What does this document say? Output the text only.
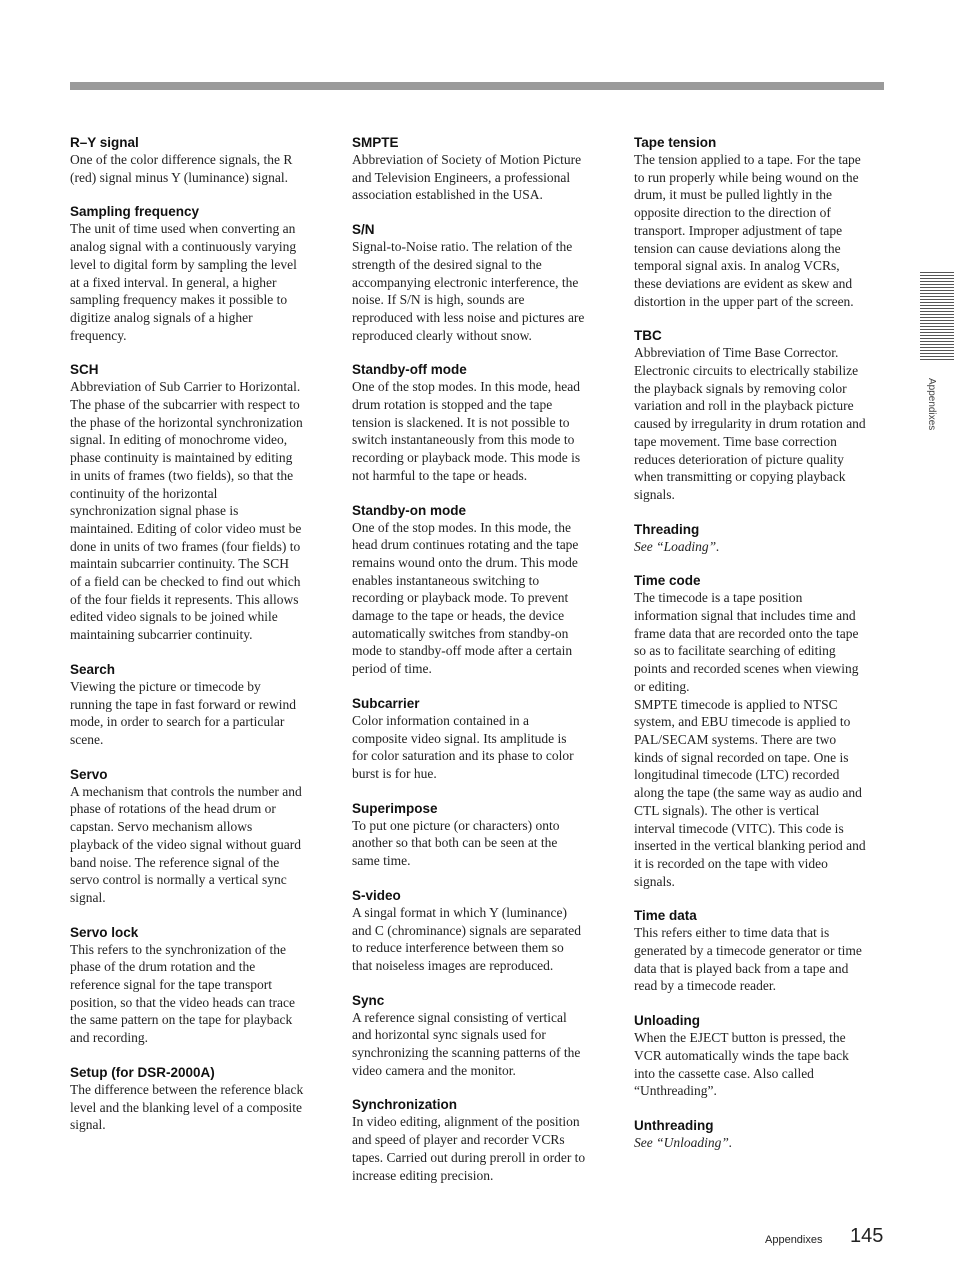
R–Y signal
One of the color difference signals, the R
(red) signal minus Y (luminance) signal.
Sampling frequency
The unit of time used when converting an
analog signal with a continuously varying
level to digital form by sampling the level
at a fixed interval. In general, a higher
sampling frequency makes it possible to
digitize analog signals of a higher
frequency.
SCH
Abbreviation of Sub Carrier to Horizontal.
The phase of the subcarrier with respect to
the phase of the horizontal synchronization
signal. In editing of monochrome video,
phase continuity is maintained by editing
in units of frames (two fields), so that the
continuity of the horizontal
synchronization signal phase is
maintained. Editing of color video must be
done in units of two frames (four fields) to
maintain subcarrier continuity. The SCH
of a field can be checked to find out which
of the four fields it represents. This allows
edited video signals to be joined while
maintaining subcarrier continuity.
Search
Viewing the picture or timecode by
running the tape in fast forward or rewind
mode, in order to search for a particular
scene.
Servo
A mechanism that controls the number and
phase of rotations of the head drum or
capstan. Servo mechanism allows
playback of the video signal without guard
band noise. The reference signal of the
servo control is normally a vertical sync
signal.
Servo lock
This refers to the synchronization of the
phase of the drum rotation and the
reference signal for the tape transport
position, so that the video heads can trace
the same pattern on the tape for playback
and recording.
Setup (for DSR-2000A)
The difference between the reference black
level and the blanking level of a composite
signal.
SMPTE
Abbreviation of Society of Motion Picture
and Television Engineers, a professional
association established in the USA.
S/N
Signal-to-Noise ratio. The relation of the
strength of the desired signal to the
accompanying electronic interference, the
noise. If S/N is high, sounds are
reproduced with less noise and pictures are
reproduced clearly without snow.
Standby-off mode
One of the stop modes. In this mode, head
drum rotation is stopped and the tape
tension is slackened. It is not possible to
switch instantaneously from this mode to
recording or playback mode. This mode is
not harmful to the tape or heads.
Standby-on mode
One of the stop modes. In this mode, the
head drum continues rotating and the tape
remains wound onto the drum. This mode
enables instantaneous switching to
recording or playback mode. To prevent
damage to the tape or heads, the device
automatically switches from standby-on
mode to standby-off mode after a certain
period of time.
Subcarrier
Color information contained in a
composite video signal. Its amplitude is
for color saturation and its phase to color
burst is for hue.
Superimpose
To put one picture (or characters) onto
another so that both can be seen at the
same time.
S-video
A singal format in which Y (luminance)
and C (chrominance) signals are separated
to reduce interference between them so
that noiseless images are reproduced.
Sync
A reference signal consisting of vertical
and horizontal sync signals used for
synchronizing the scanning patterns of the
video camera and the monitor.
Synchronization
In video editing, alignment of the position
and speed of player and recorder VCRs
tapes. Carried out during preroll in order to
increase editing precision.
Tape tension
The tension applied to a tape. For the tape
to run properly while being wound on the
drum, it must be pulled lightly in the
opposite direction to the direction of
transport. Improper adjustment of tape
tension can cause deviations along the
temporal signal axis. In analog VCRs,
these deviations are evident as skew and
distortion in the upper part of the screen.
TBC
Abbreviation of Time Base Corrector.
Electronic circuits to electrically stabilize
the playback signals by removing color
variation and roll in the playback picture
caused by irregularity in drum rotation and
tape movement. Time base correction
reduces deterioration of picture quality
when transmitting or copying playback
signals.
Threading
See “Loading”.
Time code
The timecode is a tape position
information signal that includes time and
frame data that are recorded onto the tape
so as to facilitate searching of editing
points and recorded scenes when viewing
or editing.
SMPTE timecode is applied to NTSC
system, and EBU timecode is applied to
PAL/SECAM systems. There are two
kinds of signal recorded on tape. One is
longitudinal timecode (LTC) recorded
along the tape (the same way as audio and
CTL signals). The other is vertical
interval timecode (VITC). This code is
inserted in the vertical blanking period and
it is recorded on the tape with video
signals.
Time data
This refers either to time data that is
generated by a timecode generator or time
data that is played back from a tape and
read by a timecode reader.
Unloading
When the EJECT button is pressed, the
VCR automatically winds the tape back
into the cassette case. Also called
“Unthreading”.
Unthreading
See “Unloading”.
Appendixes
Appendixes 145
